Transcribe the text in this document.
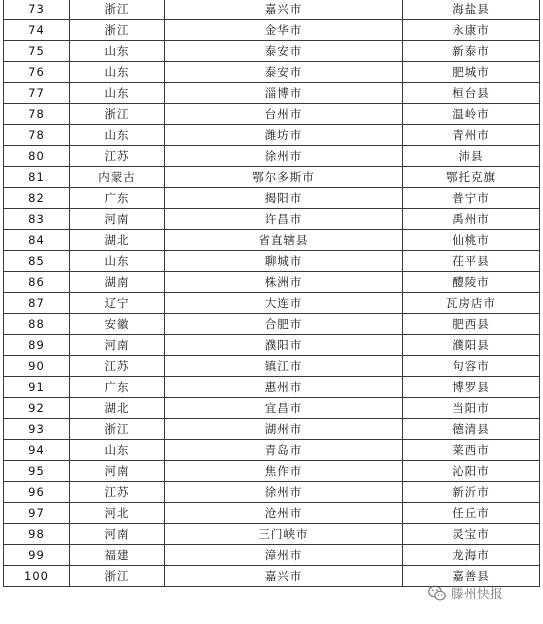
73	浙江	嘉兴市	海盐县
74	浙江	金华市	永康市
75	山东	泰安市	新泰市
76	山东	泰安市	肥城市
77	山东	淄博市	桓台县
78	浙江	台州市	温岭市
78	山东	潍坊市	青州市
80	江苏	徐州市	沛县
81	内蒙古	鄂尔多斯市	鄂托克旗
82	广东	揭阳市	普宁市
83	河南	许昌市	禹州市
84	湖北	省直辖县	仙桃市
85	山东	聊城市	茌平县
86	湖南	株洲市	醴陵市
87	辽宁	大连市	瓦房店市
88	安徽	合肥市	肥西县
89	河南	濮阳市	濮阳县
90	江苏	镇江市	句容市
91	广东	惠州市	博罗县
92	湖北	宜昌市	当阳市
93	浙江	湖州市	德清县
94	山东	青岛市	莱西市
95	河南	焦作市	沁阳市
96	江苏	徐州市	新沂市
97	河北	沧州市	任丘市
98	河南	三门峡市	灵宝市
99	福建	漳州市	龙海市
100	浙江	嘉兴市	嘉善县
滕州快报
